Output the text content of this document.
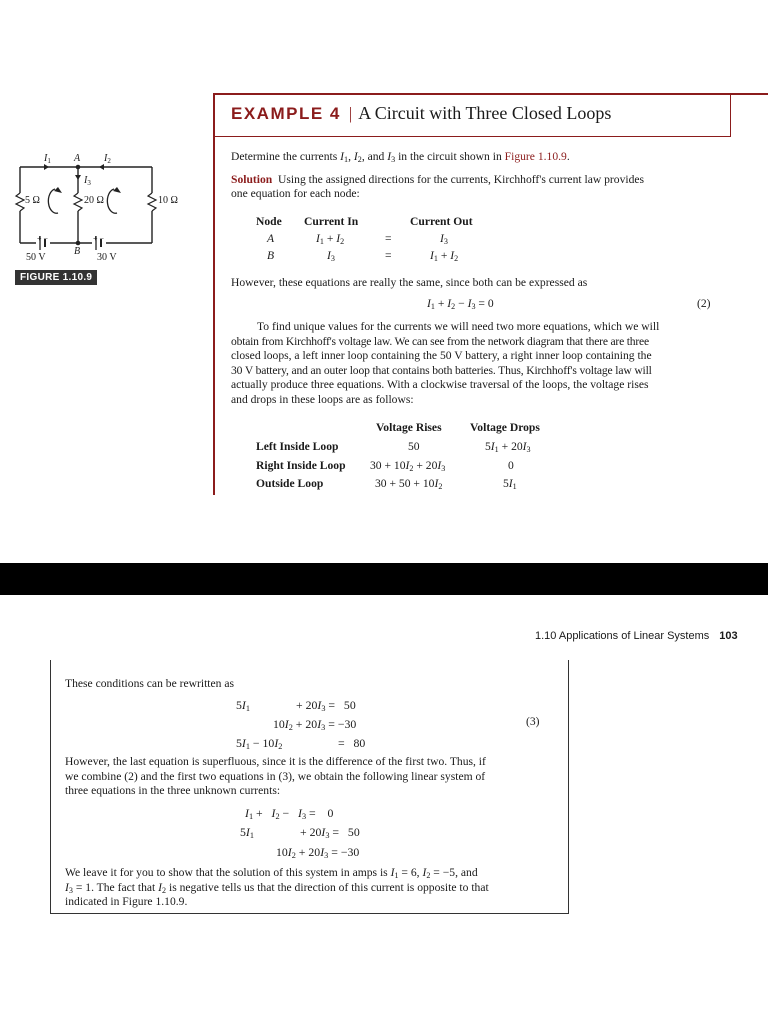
EXAMPLE 4 | A Circuit with Three Closed Loops
Determine the currents $I_1$, $I_2$, and $I_3$ in the circuit shown in Figure 1.10.9.
Solution Using the assigned directions for the currents, Kirchhoff's current law provides
one equation for each node:
Node Current In	Current Out
A	$I_1 + I_2$	=	$I_3$
B	$I_3$	=	$I_1 + I_2$
However, these equations are really the same, since both can be expressed as
$I_1 + I_2 - I_3 = 0$	(2)
To find unique values for the currents we will need two more equations, which we will
obtain from Kirchhoff's voltage law. We can see from the network diagram that there are three
closed loops, a left inner loop containing the 50 V battery, a right inner loop containing the
30 V battery, and an outer loop that contains both batteries. Thus, Kirchhoff's voltage law will
actually produce three equations. With a clockwise traversal of the loops, the voltage rises
and drops in these loops are as follows:
Voltage Rises Voltage Drops
Left Inside Loop	50	$5I_1 + 20I_3$
Right Inside Loop $30 + 10I_2 + 20I_3$	0
Outside Loop	$30 + 50 + 10I_2$	$5I_1$
$I_1$ A $I_2$
$I_3$
5 Ω	20 Ω	10 Ω
+ −	+ −
B
50 V	30 V
FIGURE 1.10.9
1.10 Applications of Linear Systems 103
These conditions can be rewritten as
$5I_1$	+ $20I_3 = 50$
$10I_2 + 20I_3 = -30$
$5I_1 - 10I_2$	=   80
(3)
However, the last equation is superfluous, since it is the difference of the first two. Thus, if
we combine (2) and the first two equations in (3), we obtain the following linear system of
three equations in the three unknown currents:
$I_1 + I_2 - I_3$ =    0
$5I_1$	+ $20I_3 = 50$
$10I_2 + 20I_3 = -30$
We leave it for you to show that the solution of this system in amps is $I_1 = 6$, $I_2 = -5$, and
$I_3 = 1$. The fact that $I_2$ is negative tells us that the direction of this current is opposite to that
indicated in Figure 1.10.9.
